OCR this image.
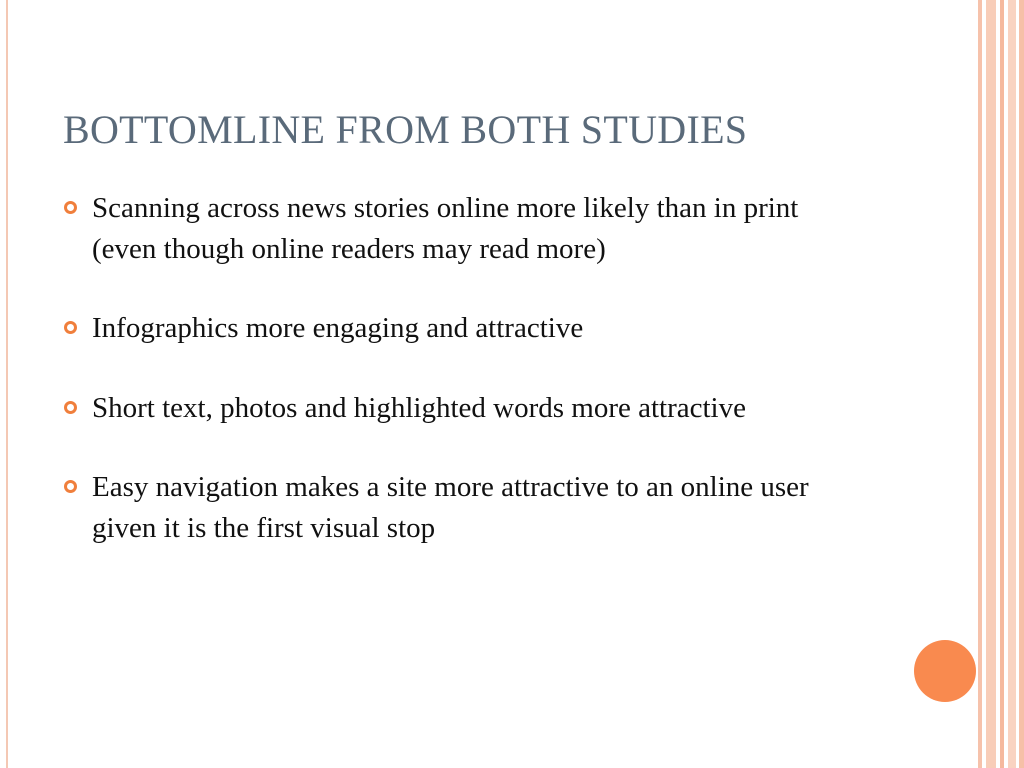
BOTTOMLINE FROM BOTH STUDIES
Scanning across news stories online more likely than in print (even though online readers may read more)
Infographics more engaging and attractive
Short text, photos and highlighted words more attractive
Easy navigation makes a site more attractive to an online user given it is the first visual stop
